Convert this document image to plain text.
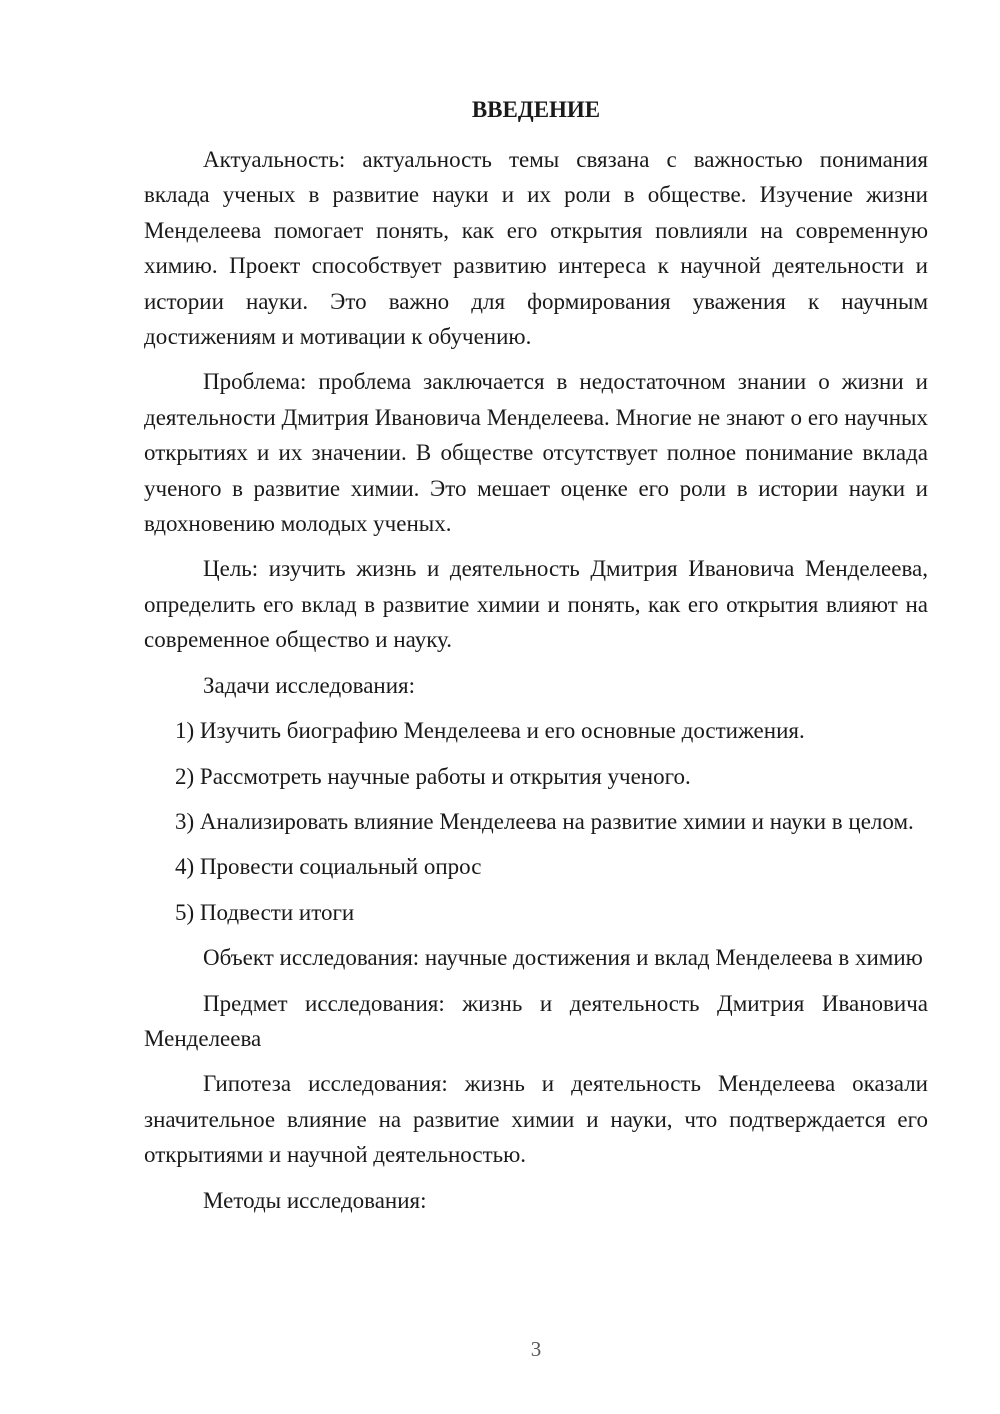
ВВЕДЕНИЕ

Актуальность: актуальность темы связана с важностью понимания вклада ученых в развитие науки и их роли в обществе. Изучение жизни Менделеева помогает понять, как его открытия повлияли на современную химию. Проект способствует развитию интереса к научной деятельности и истории науки. Это важно для формирования уважения к научным достижениям и мотивации к обучению.

Проблема: проблема заключается в недостаточном знании о жизни и деятельности Дмитрия Ивановича Менделеева. Многие не знают о его научных открытиях и их значении. В обществе отсутствует полное понимание вклада ученого в развитие химии. Это мешает оценке его роли в истории науки и вдохновению молодых ученых.

Цель: изучить жизнь и деятельность Дмитрия Ивановича Менделеева, определить его вклад в развитие химии и понять, как его открытия влияют на современное общество и науку.

Задачи исследования:

1) Изучить биографию Менделеева и его основные достижения.

2) Рассмотреть научные работы и открытия ученого.

3) Анализировать влияние Менделеева на развитие химии и науки в целом.

4) Провести социальный опрос

5) Подвести итоги

Объект исследования: научные достижения и вклад Менделеева в химию

Предмет исследования: жизнь и деятельность Дмитрия Ивановича Менделеева

Гипотеза исследования: жизнь и деятельность Менделеева оказали значительное влияние на развитие химии и науки, что подтверждается его открытиями и научной деятельностью.

Методы исследования:

3
